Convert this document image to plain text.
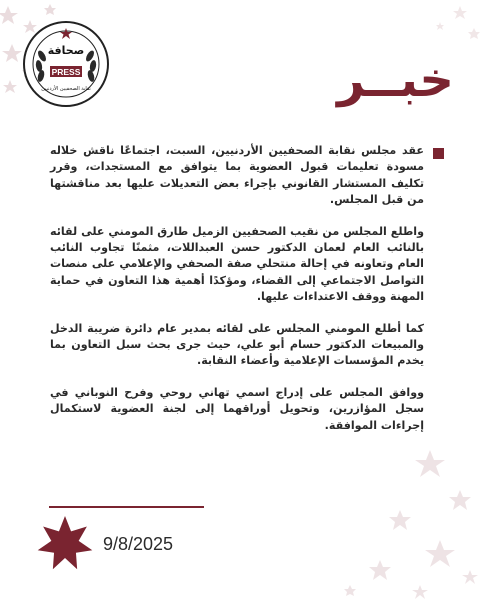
صحافة
PRESS
نقابة الصحفيين الأردنيين	خبــر

عقد مجلس نقابة الصحفيين الأردنيين، السبت، اجتماعًا ناقش خلاله مسودة تعليمات قبول العضوية بما يتوافق مع المستجدات، وقرر تكليف المستشار القانوني بإجراء بعض التعديلات عليها بعد مناقشتها من قبل المجلس.

واطلع المجلس من نقيب الصحفيين الزميل طارق المومني على لقائه بالنائب العام لعمان الدكتور حسن العبداللات، مثمنًا تجاوب النائب العام وتعاونه في إحالة منتحلي صفة الصحفي والإعلامي على منصات التواصل الاجتماعي إلى القضاء، ومؤكدًا أهمية هذا التعاون في حماية المهنة ووقف الاعتداءات عليها.

كما أطلع المومني المجلس على لقائه بمدير عام دائرة ضريبة الدخل والمبيعات الدكتور حسام أبو علي، حيث جرى بحث سبل التعاون بما يخدم المؤسسات الإعلامية وأعضاء النقابة.

ووافق المجلس على إدراج اسمي تهاني روحي وفرح النوباني في سجل المؤازرين، وتحويل أوراقهما إلى لجنة العضوية لاستكمال إجراءات الموافقة.

9/8/2025
